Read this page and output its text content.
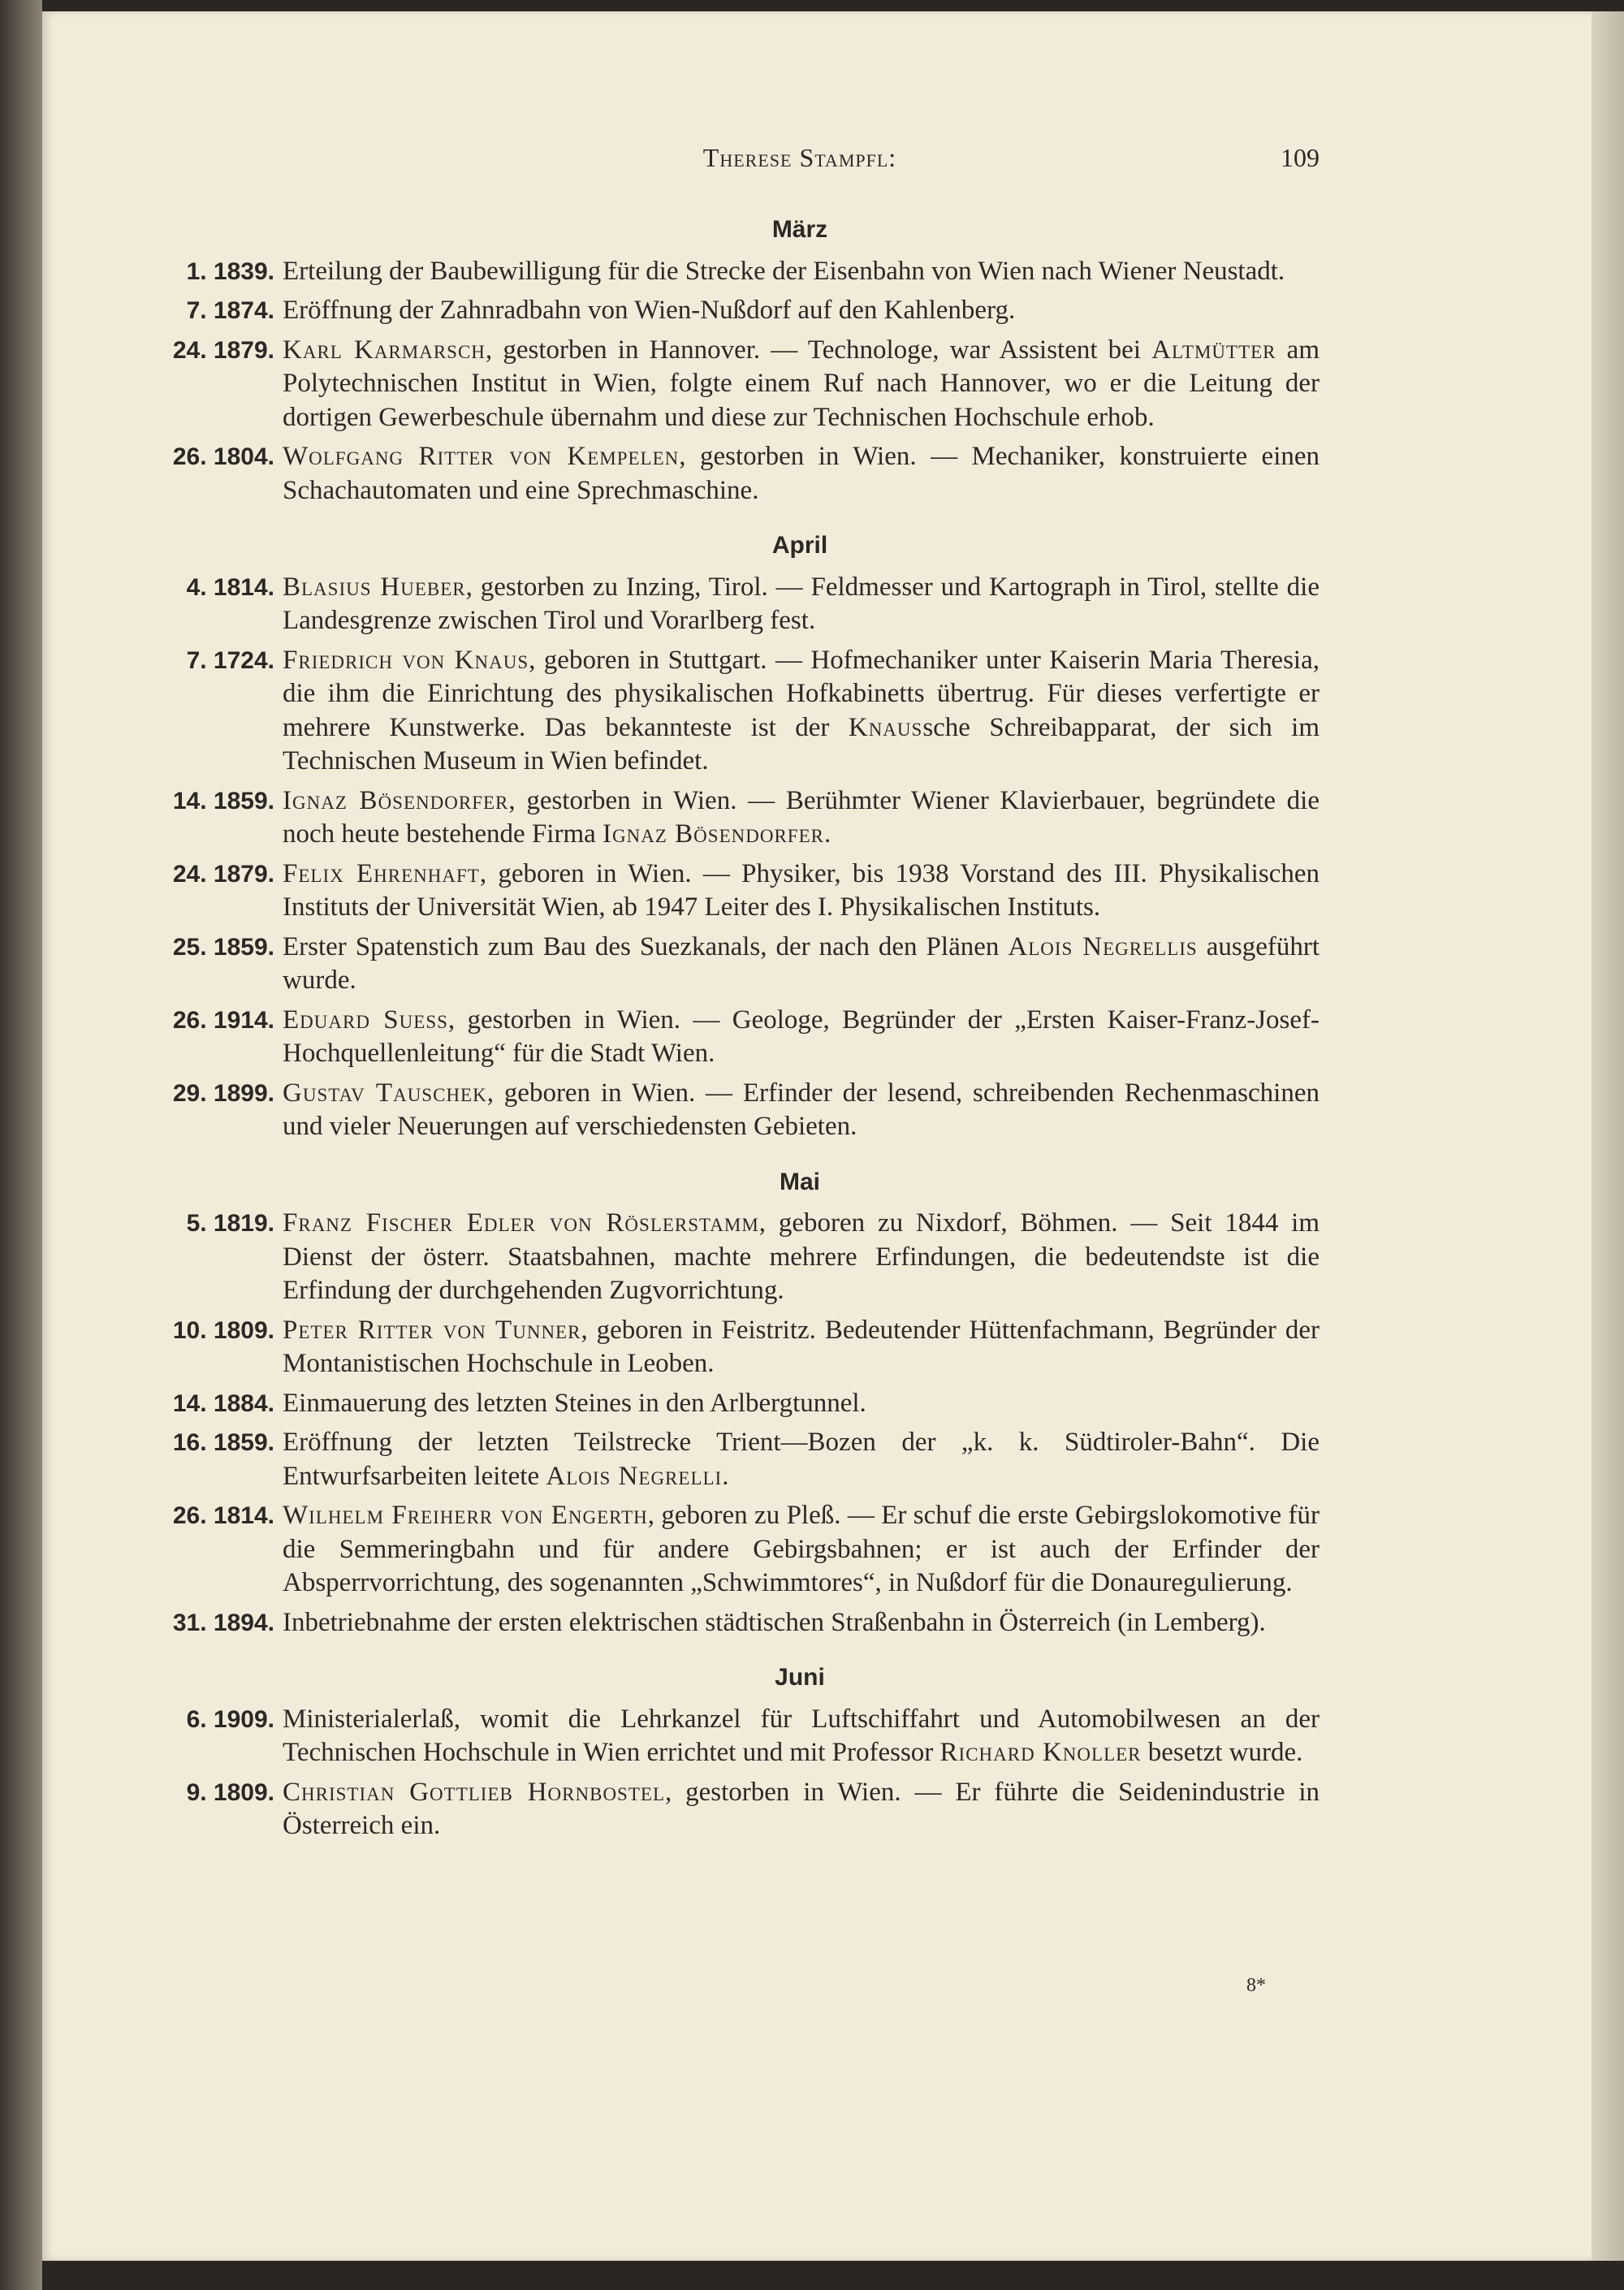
Therese Stampfl:	109
März
1. 1839. Erteilung der Baubewilligung für die Strecke der Eisenbahn von Wien nach Wiener Neustadt.
7. 1874. Eröffnung der Zahnradbahn von Wien-Nußdorf auf den Kahlenberg.
24. 1879. Karl Karmarsch, gestorben in Hannover. — Technologe, war Assistent bei Altmütter am Polytechnischen Institut in Wien, folgte einem Ruf nach Hannover, wo er die Leitung der dortigen Gewerbeschule übernahm und diese zur Technischen Hochschule erhob.
26. 1804. Wolfgang Ritter von Kempelen, gestorben in Wien. — Mechaniker, konstruierte einen Schachautomaten und eine Sprechmaschine.
April
4. 1814. Blasius Hueber, gestorben zu Inzing, Tirol. — Feldmesser und Kartograph in Tirol, stellte die Landesgrenze zwischen Tirol und Vorarlberg fest.
7. 1724. Friedrich von Knaus, geboren in Stuttgart. — Hofmechaniker unter Kaiserin Maria Theresia, die ihm die Einrichtung des physikalischen Hofkabinetts übertrug. Für dieses verfertigte er mehrere Kunstwerke. Das bekannteste ist der Knaussche Schreibapparat, der sich im Technischen Museum in Wien befindet.
14. 1859. Ignaz Bösendorfer, gestorben in Wien. — Berühmter Wiener Klavierbauer, begründete die noch heute bestehende Firma Ignaz Bösendorfer.
24. 1879. Felix Ehrenhaft, geboren in Wien. — Physiker, bis 1938 Vorstand des III. Physikalischen Instituts der Universität Wien, ab 1947 Leiter des I. Physikalischen Instituts.
25. 1859. Erster Spatenstich zum Bau des Suezkanals, der nach den Plänen Alois Negrellis ausgeführt wurde.
26. 1914. Eduard Suess, gestorben in Wien. — Geologe, Begründer der „Ersten Kaiser-Franz-Josef-Hochquellenleitung“ für die Stadt Wien.
29. 1899. Gustav Tauschek, geboren in Wien. — Erfinder der lesend, schreibenden Rechenmaschinen und vieler Neuerungen auf verschiedensten Gebieten.
Mai
5. 1819. Franz Fischer Edler von Röslerstamm, geboren zu Nixdorf, Böhmen. — Seit 1844 im Dienst der österr. Staatsbahnen, machte mehrere Erfindungen, die bedeutendste ist die Erfindung der durchgehenden Zugvorrichtung.
10. 1809. Peter Ritter von Tunner, geboren in Feistritz. Bedeutender Hüttenfachmann, Begründer der Montanistischen Hochschule in Leoben.
14. 1884. Einmauerung des letzten Steines in den Arlbergtunnel.
16. 1859. Eröffnung der letzten Teilstrecke Trient—Bozen der „k. k. Südtiroler-Bahn“. Die Entwurfsarbeiten leitete Alois Negrelli.
26. 1814. Wilhelm Freiherr von Engerth, geboren zu Pleß. — Er schuf die erste Gebirgslokomotive für die Semmeringbahn und für andere Gebirgsbahnen; er ist auch der Erfinder der Absperrvorrichtung, des sogenannten „Schwimmtores“, in Nußdorf für die Donauregulierung.
31. 1894. Inbetriebnahme der ersten elektrischen städtischen Straßenbahn in Österreich (in Lemberg).
Juni
6. 1909. Ministerialerlaß, womit die Lehrkanzel für Luftschiffahrt und Automobilwesen an der Technischen Hochschule in Wien errichtet und mit Professor Richard Knoller besetzt wurde.
9. 1809. Christian Gottlieb Hornbostel, gestorben in Wien. — Er führte die Seidenindustrie in Österreich ein.
8*
